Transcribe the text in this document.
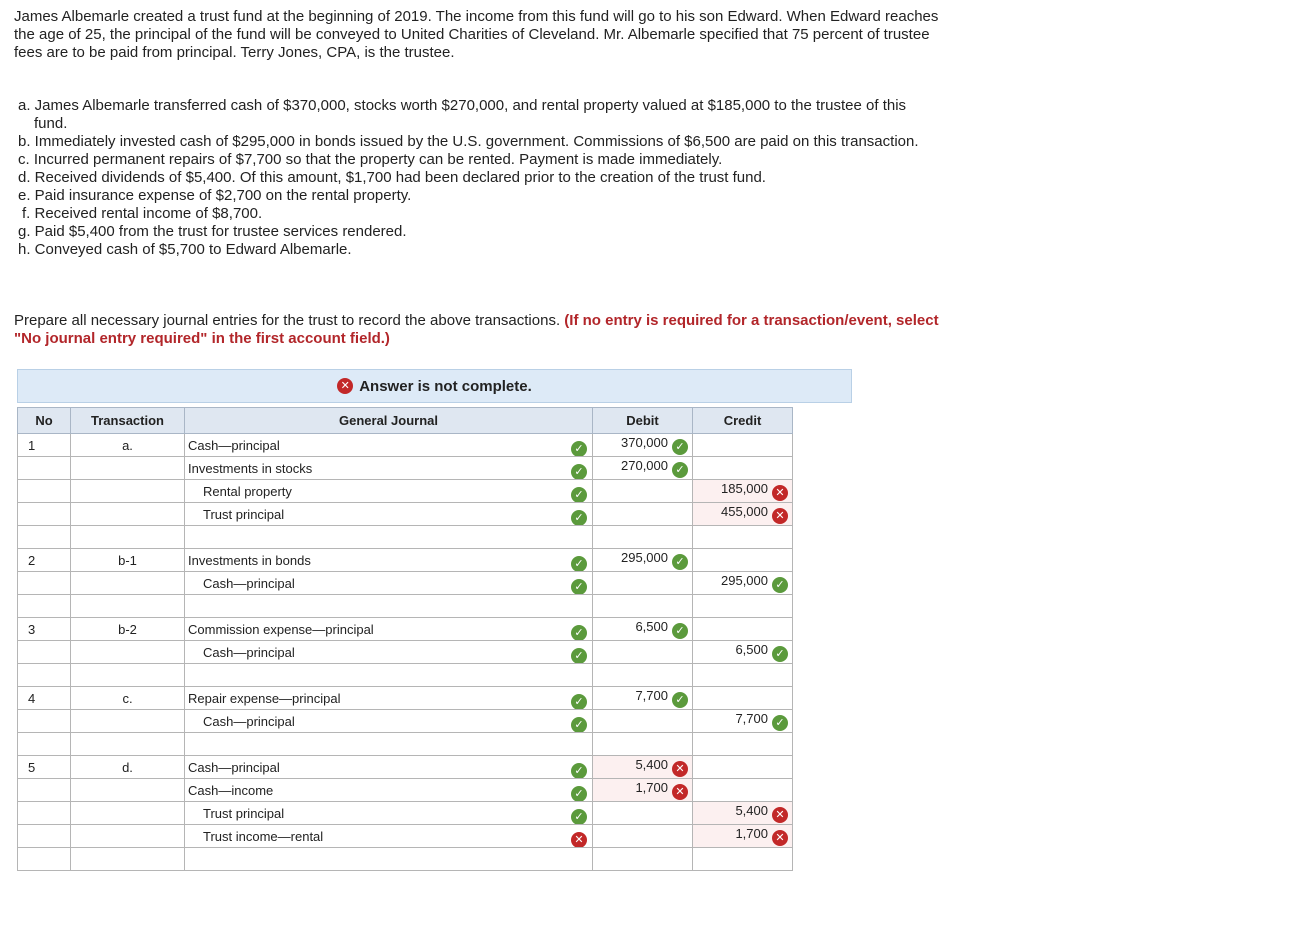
James Albemarle created a trust fund at the beginning of 2019. The income from this fund will go to his son Edward. When Edward reaches the age of 25, the principal of the fund will be conveyed to United Charities of Cleveland. Mr. Albemarle specified that 75 percent of trustee fees are to be paid from principal. Terry Jones, CPA, is the trustee.
a. James Albemarle transferred cash of $370,000, stocks worth $270,000, and rental property valued at $185,000 to the trustee of this fund.
b. Immediately invested cash of $295,000 in bonds issued by the U.S. government. Commissions of $6,500 are paid on this transaction.
c. Incurred permanent repairs of $7,700 so that the property can be rented. Payment is made immediately.
d. Received dividends of $5,400. Of this amount, $1,700 had been declared prior to the creation of the trust fund.
e. Paid insurance expense of $2,700 on the rental property.
f. Received rental income of $8,700.
g. Paid $5,400 from the trust for trustee services rendered.
h. Conveyed cash of $5,700 to Edward Albemarle.
Prepare all necessary journal entries for the trust to record the above transactions. (If no entry is required for a transaction/event, select "No journal entry required" in the first account field.)
✕ Answer is not complete.
No	Transaction	General Journal	Debit	Credit
1	a.	Cash—principal ✓	370,000 ✓	
		Investments in stocks ✓	270,000 ✓	
		Rental property ✓		185,000 ✕
		Trust principal ✓		455,000 ✕

2	b-1	Investments in bonds ✓	295,000 ✓	
		Cash—principal ✓		295,000 ✓

3	b-2	Commission expense—principal ✓	6,500 ✓	
		Cash—principal ✓		6,500 ✓

4	c.	Repair expense—principal ✓	7,700 ✓	
		Cash—principal ✓		7,700 ✓

5	d.	Cash—principal ✓	5,400 ✕	
		Cash—income ✓	1,700 ✕	
		Trust principal ✓		5,400 ✕
		Trust income—rental ✕		1,700 ✕
